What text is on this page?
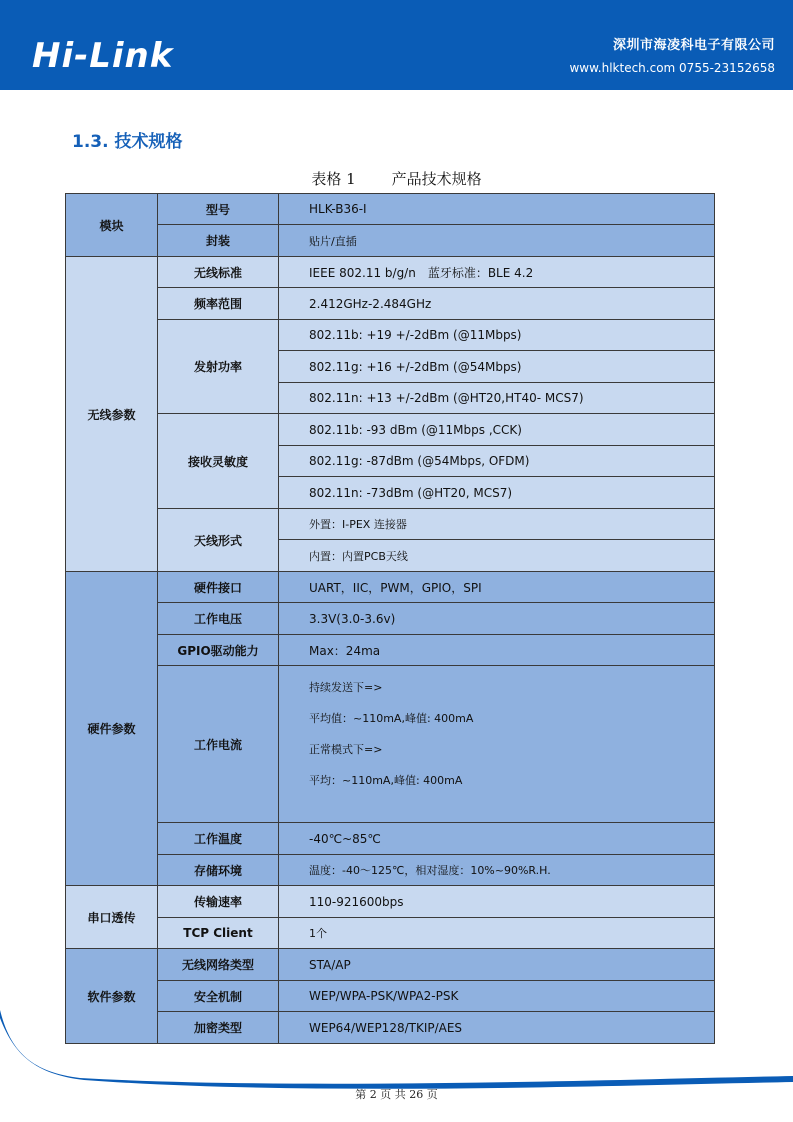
Hi-Link	深圳市海凌科电子有限公司
www.hlktech.com 0755-23152658
1.3. 技术规格
表格 1 产品技术规格
模块	型号	HLK-B36-I
	封装	贴片/直插
无线参数	无线标准	IEEE 802.11 b/g/n　蓝牙标准：BLE 4.2
	频率范围	2.412GHz-2.484GHz
	发射功率	802.11b: +19 +/-2dBm (@11Mbps)
		802.11g: +16 +/-2dBm (@54Mbps)
		802.11n: +13 +/-2dBm (@HT20,HT40- MCS7)
	接收灵敏度	802.11b: -93 dBm (@11Mbps ,CCK)
		802.11g: -87dBm (@54Mbps, OFDM)
		802.11n: -73dBm (@HT20, MCS7)
	天线形式	外置：I-PEX 连接器
		内置：内置PCB天线
硬件参数	硬件接口	UART，IIC，PWM，GPIO，SPI
	工作电压	3.3V(3.0-3.6v)
	GPIO驱动能力	Max：24ma
	工作电流	持续发送下=>
平均值：~110mA,峰值: 400mA
正常模式下=>
平均：~110mA,峰值: 400mA

	工作温度	-40℃~85℃
	存储环境	温度：-40～125℃，相对湿度：10%~90%R.H.
串口透传	传输速率	110-921600bps
	TCP Client	1个
软件参数	无线网络类型	STA/AP
	安全机制	WEP/WPA-PSK/WPA2-PSK
	加密类型	WEP64/WEP128/TKIP/AES
第 2 页 共 26 页
